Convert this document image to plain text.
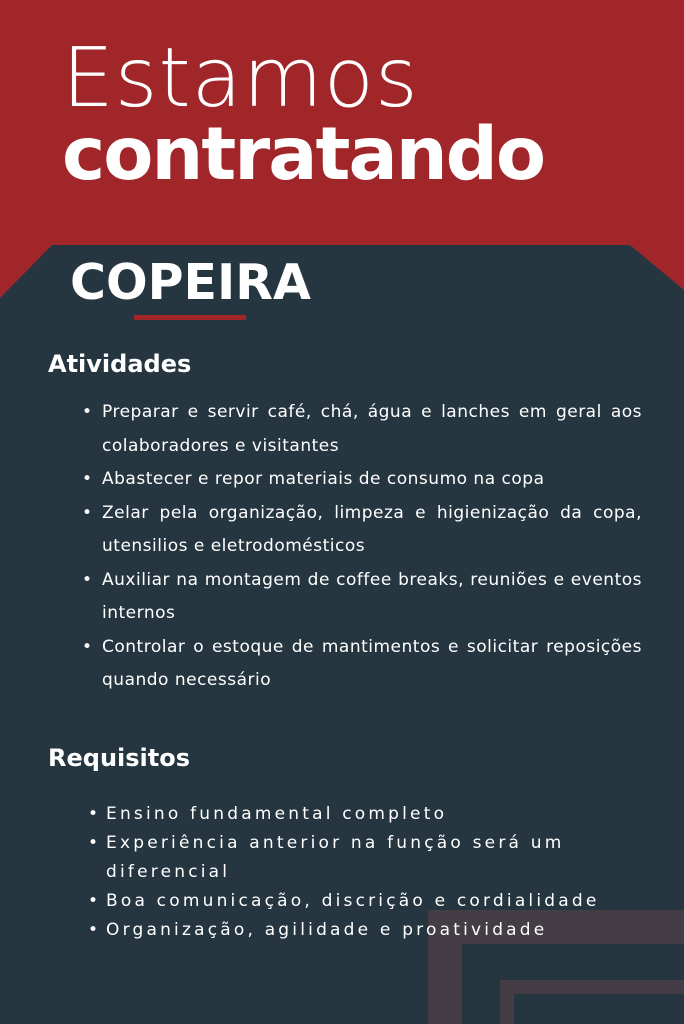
Estamos
contratando
COPEIRA
Atividades
• Preparar e servir café, chá, água e lanches em geral aos colaboradores e visitantes
• Abastecer e repor materiais de consumo na copa
• Zelar pela organização, limpeza e higienização da copa, utensilios e eletrodomésticos
• Auxiliar na montagem de coffee breaks, reuniões e eventos internos
• Controlar o estoque de mantimentos e solicitar reposições quando necessário
Requisitos
• Ensino fundamental completo
• Experiência anterior na função será um diferencial
• Boa comunicação, discrição e cordialidade
• Organização, agilidade e proatividade
